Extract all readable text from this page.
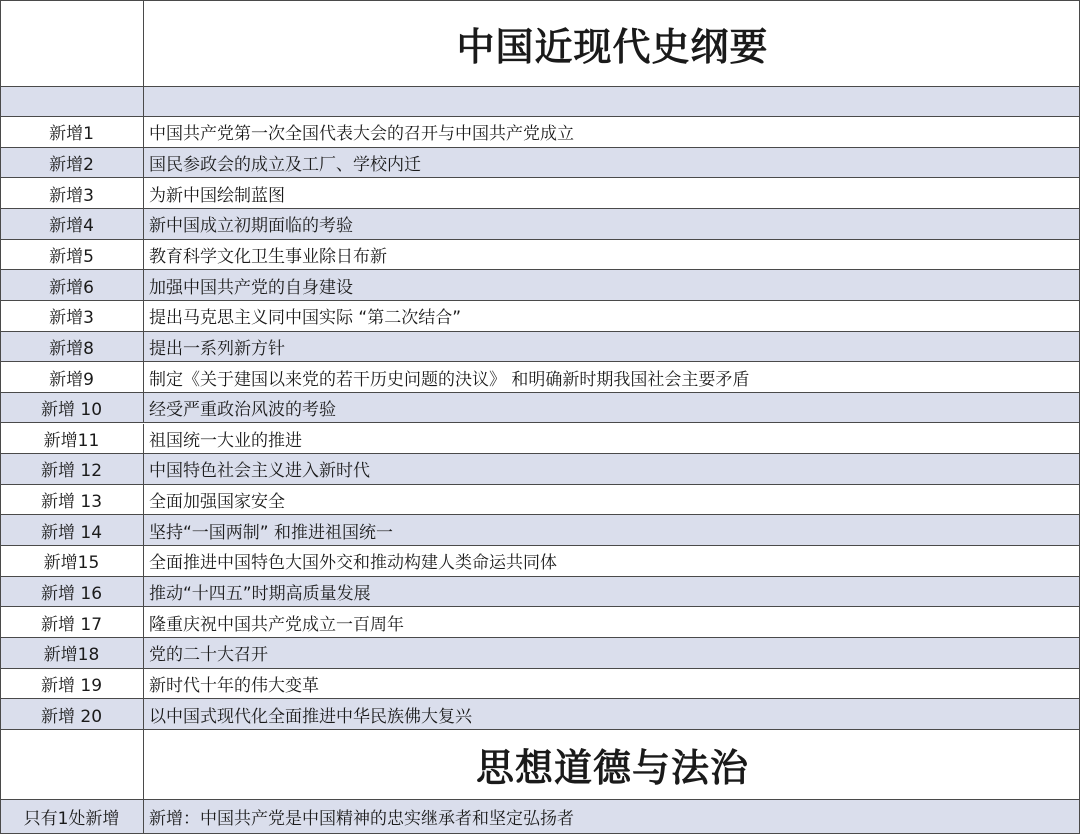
中国近现代史纲要
新增1	中国共产党第一次全国代表大会的召开与中国共产党成立
新增2	国民参政会的成立及工厂、学校内迁
新增3	为新中国绘制蓝图
新增4	新中国成立初期面临的考验
新增5	教育科学文化卫生事业除日布新
新增6	加强中国共产党的自身建设
新增3	提出马克思主义同中国实际 “第二次结合”
新增8	提出一系列新方针
新增9	制定《关于建国以来党的若干历史问题的決议》 和明确新时期我国社会主要矛盾
新增 10	经受严重政治风波的考验
新增11	祖国统一大业的推进
新增 12	中国特色社会主义进入新时代
新增 13	全面加强国家安全
新增 14	坚持“一国两制” 和推进祖国统一
新增15	全面推进中国特色大国外交和推动构建人类命运共同体
新增 16	推动“十四五”时期高质量发展
新增 17	隆重庆祝中国共产党成立一百周年
新增18	党的二十大召开
新增 19	新时代十年的伟大变革
新增 20	以中国式现代化全面推进中华民族佛大复兴
思想道德与法治
只有1处新增	新增：中国共产党是中国精神的忠实继承者和坚定弘扬者
